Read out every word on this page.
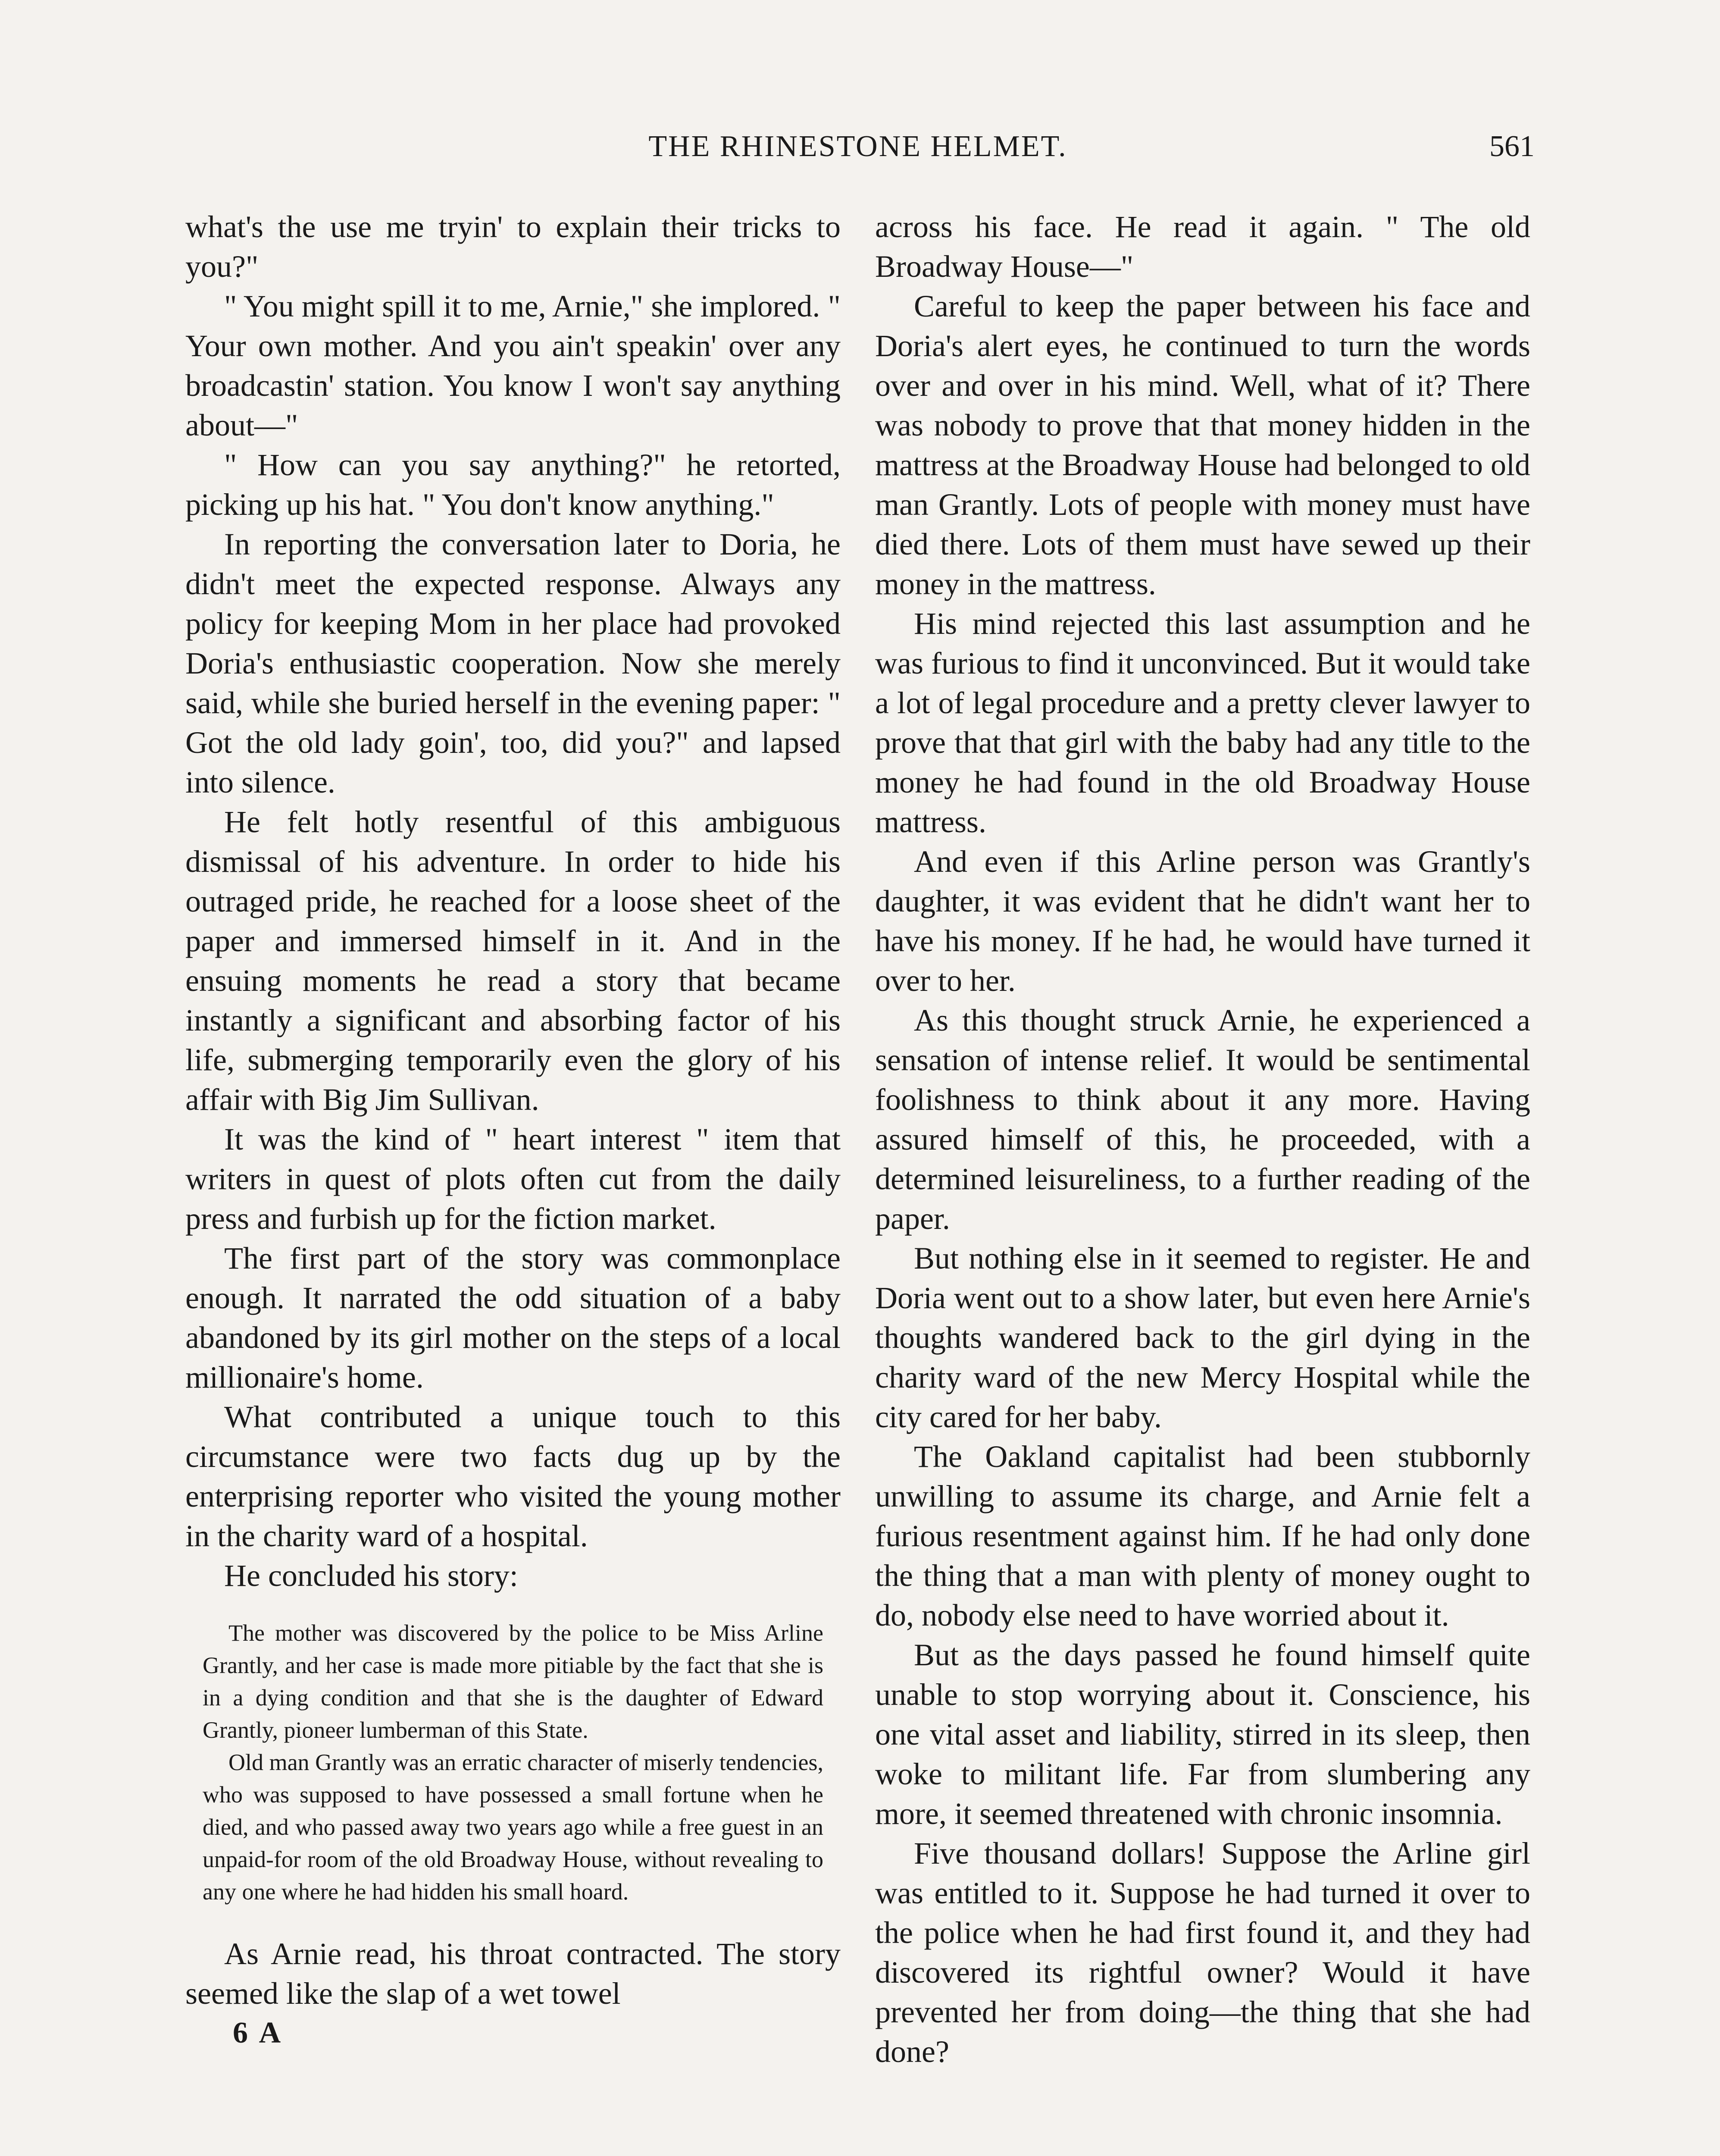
THE RHINESTONE HELMET.	561

what's the use me tryin' to explain their tricks to you?"

" You might spill it to me, Arnie," she implored. " Your own mother. And you ain't speakin' over any broadcastin' station. You know I won't say anything about—"

" How can you say anything?" he retorted, picking up his hat. " You don't know anything."

In reporting the conversation later to Doria, he didn't meet the expected response. Always any policy for keeping Mom in her place had provoked Doria's enthusiastic cooperation. Now she merely said, while she buried herself in the evening paper: " Got the old lady goin', too, did you?" and lapsed into silence.

He felt hotly resentful of this ambiguous dismissal of his adventure. In order to hide his outraged pride, he reached for a loose sheet of the paper and immersed himself in it. And in the ensuing moments he read a story that became instantly a significant and absorbing factor of his life, submerging temporarily even the glory of his affair with Big Jim Sullivan.

It was the kind of " heart interest " item that writers in quest of plots often cut from the daily press and furbish up for the fiction market.

The first part of the story was commonplace enough. It narrated the odd situation of a baby abandoned by its girl mother on the steps of a local millionaire's home.

What contributed a unique touch to this circumstance were two facts dug up by the enterprising reporter who visited the young mother in the charity ward of a hospital.

He concluded his story:

The mother was discovered by the police to be Miss Arline Grantly, and her case is made more pitiable by the fact that she is in a dying condition and that she is the daughter of Edward Grantly, pioneer lumberman of this State.

Old man Grantly was an erratic character of miserly tendencies, who was supposed to have possessed a small fortune when he died, and who passed away two years ago while a free guest in an unpaid-for room of the old Broadway House, without revealing to any one where he had hidden his small hoard.

As Arnie read, his throat contracted. The story seemed like the slap of a wet towel

6 A

across his face. He read it again. " The old Broadway House—"

Careful to keep the paper between his face and Doria's alert eyes, he continued to turn the words over and over in his mind. Well, what of it? There was nobody to prove that that money hidden in the mattress at the Broadway House had belonged to old man Grantly. Lots of people with money must have died there. Lots of them must have sewed up their money in the mattress.

His mind rejected this last assumption and he was furious to find it unconvinced. But it would take a lot of legal procedure and a pretty clever lawyer to prove that that girl with the baby had any title to the money he had found in the old Broadway House mattress.

And even if this Arline person was Grantly's daughter, it was evident that he didn't want her to have his money. If he had, he would have turned it over to her.

As this thought struck Arnie, he experienced a sensation of intense relief. It would be sentimental foolishness to think about it any more. Having assured himself of this, he proceeded, with a determined leisureliness, to a further reading of the paper.

But nothing else in it seemed to register. He and Doria went out to a show later, but even here Arnie's thoughts wandered back to the girl dying in the charity ward of the new Mercy Hospital while the city cared for her baby.

The Oakland capitalist had been stubbornly unwilling to assume its charge, and Arnie felt a furious resentment against him. If he had only done the thing that a man with plenty of money ought to do, nobody else need to have worried about it.

But as the days passed he found himself quite unable to stop worrying about it. Conscience, his one vital asset and liability, stirred in its sleep, then woke to militant life. Far from slumbering any more, it seemed threatened with chronic insomnia.

Five thousand dollars! Suppose the Arline girl was entitled to it. Suppose he had turned it over to the police when he had first found it, and they had discovered its rightful owner? Would it have prevented her from doing—the thing that she had done?
